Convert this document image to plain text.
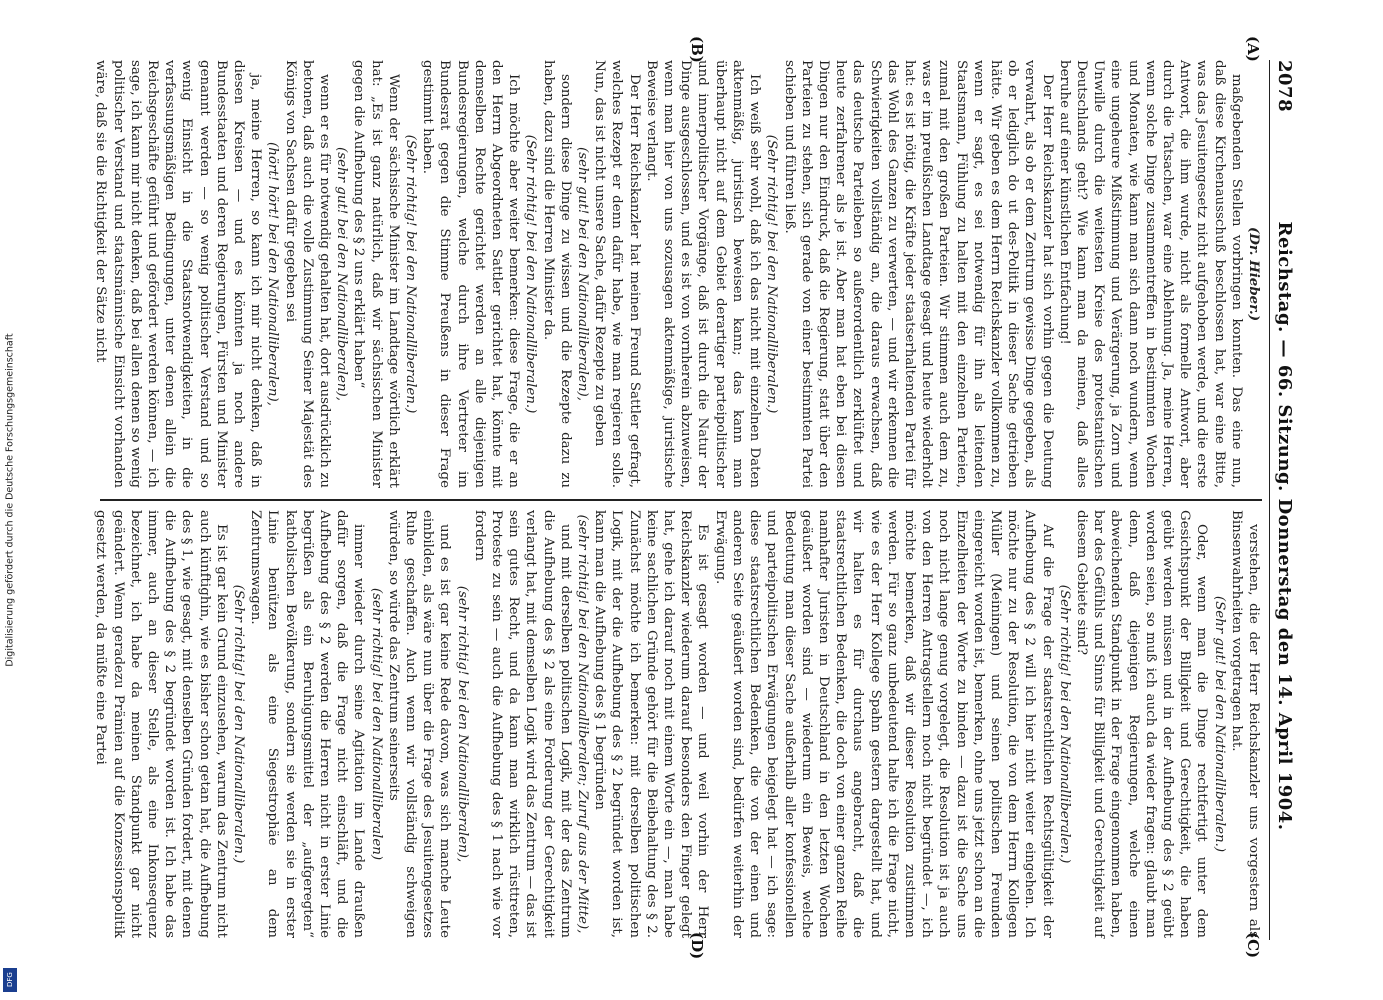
Digitalisierung gefördert durch die Deutsche Forschungsgemeinschaft
DFG
2078
Reichstag. — 66. Sitzung. Donnerstag den 14. April 1904.
(A)
(B)
(C)
(D)

(Dr. Hieber.)

maßgebenden Stellen vorbringen konnten. Das eine nun, daß diese Kirchenausschuß beschlossen hat, war eine Bitte, was das Jesuitengesetz nicht aufgehoben werde, und die erste Antwort, die ihm wurde, nicht als formelle Antwort, aber durch die Tatsachen, war eine Ablehnung. Ja, meine Herren, wenn solche Dinge zusammentreffen in bestimmten Wochen und Monaten, wie kann man sich dann noch wundern, wenn eine ungeheure Mißstimmung und Verärgerung, ja Zorn und Unwille durch die weitesten Kreise des protestantischen Deutschlands geht? Wie kann man da meinen, daß alles beruhe auf einer künstlichen Entfachung!

Der Herr Reichskanzler hat sich vorhin gegen die Deutung verwahrt, als ob er dem Zentrum gewisse Dinge gegeben, als ob er lediglich do ut des-Politik in dieser Sache getrieben hätte. Wir geben es dem Herrn Reichskanzler vollkommen zu, wenn er sagt, es sei notwendig für ihn als leitenden Staatsmann, Fühlung zu halten mit den einzelnen Parteien, zumal mit den großen Parteien. Wir stimmen auch dem zu, was er im preußischen Landtage gesagt und heute wiederholt hat: es ist nötig, die Kräfte jeder staatserhaltenden Partei für das Wohl des Ganzen zu verwerten, — und wir erkennen die Schwierigkeiten vollständig an, die daraus erwachsen, daß das deutsche Parteileben so außerordentlich zerklüftet und heute zerfahrener als je ist. Aber man hat eben bei diesen Dingen nur den Eindruck, daß die Regierung, statt über den Parteien zu stehen, sich gerade von einer bestimmten Partei schieben und führen ließ.

(Sehr richtig! bei den Nationalliberalen.)

Ich weiß sehr wohl, daß ich das nicht mit einzelnen Daten aktenmäßig, juristisch beweisen kann; das kann man überhaupt nicht auf dem Gebiet derartiger parteipolitischer und innerpolitischer Vorgänge, daß ist durch die Natur der Dinge ausgeschlossen, und es ist von vornherein abzuweisen, wenn man hier von uns sozusagen aktenmäßige, juristische Beweise verlangt.

Der Herr Reichskanzler hat meinen Freund Sattler gefragt, welches Rezept er denn dafür habe, wie man regieren solle. Nun, das ist nicht unsere Sache, dafür Rezepte zu geben

(sehr gut! bei den Nationalliberalen),

sondern diese Dinge zu wissen und die Rezepte dazu zu haben, dazu sind die Herren Minister da.

(Sehr richtig! bei den Nationalliberalen.)

Ich möchte aber weiter bemerken: diese Frage, die er an den Herrn Abgeordneten Sattler gerichtet hat, könnte mit demselben Rechte gerichtet werden an alle diejenigen Bundesregierungen, welche durch ihre Vertreter im Bundesrat gegen die Stimme Preußens in dieser Frage gestimmt haben.

(Sehr richtig! bei den Nationalliberalen.)

Wenn der sächsische Minister im Landtage wörtlich erklärt hat: „Es ist ganz natürlich, daß wir sächsischen Minister gegen die Aufhebung des § 2 uns erklärt haben“

(sehr gut! bei den Nationalliberalen),

wenn er es für notwendig gehalten hat, dort ausdrücklich zu betonen, daß auch die volle Zustimmung Seiner Majestät des Königs von Sachsen dafür gegeben sei

(hört! hört! bei den Nationalliberalen),

ja, meine Herren, so kann ich mir nicht denken, daß in diesen Kreisen — und es könnten ja noch andere Bundesstaaten und deren Regierungen, Fürsten und Minister genannt werden — so wenig politischer Verstand und so wenig Einsicht in die Staatsnotwendigkeiten, in die verfassungsmäßigen Bedingungen, unter denen allein die Reichsgeschäfte geführt und gefördert werden können, — ich sage, ich kann mir nicht denken, daß bei allen denen so wenig politischer Verstand und staatsmännische Einsicht vorhanden wäre, daß sie die Richtigkeit der Sätze nicht

verstehen, die der Herr Reichskanzler uns vorgestern als Binsenwahrheiten vorgetragen hat.

(Sehr gut! bei den Nationalliberalen.)

Oder, wenn man die Dinge rechtfertigt unter dem Gesichtspunkt der Billigkeit und Gerechtigkeit, die haben geübt werden müssen und in der Aufhebung des § 2 geübt worden seien, so muß ich auch da wieder fragen: glaubt man denn, daß diejenigen Regierungen, welche einen abweichenden Standpunkt in der Frage eingenommen haben, bar des Gefühls und Sinns für Billigkeit und Gerechtigkeit auf diesem Gebiete sind?

(Sehr richtig! bei den Nationalliberalen.)

Auf die Frage der staatsrechtlichen Rechtsgültigkeit der Aufhebung des § 2 will ich hier nicht weiter eingehen. Ich möchte nur zu der Resolution, die von dem Herrn Kollegen Müller (Meiningen) und seinen politischen Freunden eingereicht worden ist, bemerken, ohne uns jetzt schon an die Einzelheiten der Worte zu binden — dazu ist die Sache uns noch nicht lange genug vorgelegt, die Resolution ist ja auch von den Herren Antragstellern noch nicht begründet —, ich möchte bemerken, daß wir dieser Resolution zustimmen werden. Für so ganz unbedeutend halte ich die Frage nicht, wie es der Herr Kollege Spahn gestern dargestellt hat, und wir halten es für durchaus angebracht, daß die staatsrechtlichen Bedenken, die doch von einer ganzen Reihe namhafter Juristen in Deutschland in den letzten Wochen geäußert worden sind — wiederum ein Beweis, welche Bedeutung man dieser Sache außerhalb aller konfessionellen und parteipolitischen Erwägungen beigelegt hat — ich sage: diese staatsrechtlichen Bedenken, die von der einen und anderen Seite geäußert worden sind, bedürfen weiterhin der Erwägung.

Es ist gesagt worden — und weil vorhin der Herr Reichskanzler wiederum darauf besonders den Finger gelegt hat, gehe ich darauf noch mit einem Worte ein —, man habe keine sachlichen Gründe gehört für die Beibehaltung des § 2. Zunächst möchte ich bemerken: mit derselben politischen Logik, mit der die Aufhebung des § 2 begründet worden ist, kann man die Aufhebung des § 1 begründen

(sehr richtig! bei den Nationalliberalen; Zuruf aus der Mitte),

und mit derselben politischen Logik, mit der das Zentrum die Aufhebung des § 2 als eine Forderung der Gerechtigkeit verlangt hat, mit demselben Logik wird das Zentrum — das ist sein gutes Recht, und da kann man wirklich rüsttreten, Proteste zu sein — auch die Aufhebung des § 1 nach wie vor fordern

(sehr richtig! bei den Nationalliberalen),

und es ist gar keine Rede davon, was sich manche Leute einbilden, als wäre nun über die Frage des Jesuitengesetzes Ruhe geschaffen. Auch wenn wir vollständig schweigen würden, so würde das Zentrum seinerseits

(sehr richtig! bei den Nationalliberalen)

immer wieder durch seine Agitation im Lande draußen dafür sorgen, daß die Frage nicht einschläft, und die Aufhebung des § 2 werden die Herren nicht in erster Linie begrüßen als ein Beruhigungsmittel der „aufgeregten“ katholischen Bevölkerung, sondern sie werden sie in erster Linie benützen als eine Siegestrophäe an dem Zentrumswagen.

(Sehr richtig! bei den Nationalliberalen.)

Es ist gar kein Grund einzusehen, warum das Zentrum nicht auch künftighin, wie es bisher schon getan hat, die Aufhebung des § 1, wie gesagt, mit denselben Gründen fordert, mit denen die Aufhebung des § 2 begründet worden ist. Ich habe das immer, auch an dieser Stelle, als eine Inkonsequenz bezeichnet, ich habe da meinen Standpunkt gar nicht geändert. Wenn geradezu Prämien auf die Konzessionspolitik gesetzt werden, da müßte eine Partei
